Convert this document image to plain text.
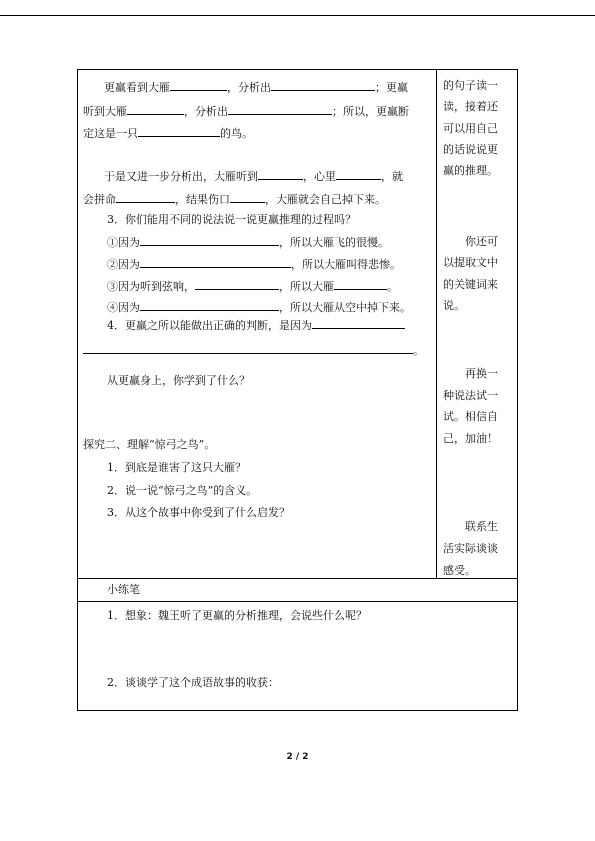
更羸看到大雁	，分析出	；更羸
听到大雁	，分析出	；所以，更羸断
定这是一只	的鸟。
于是又进一步分析出，大雁听到	，心里	，就
会拼命	，结果伤口	，大雁就会自己掉下来。
3．你们能用不同的说法说一说更羸推理的过程吗？
①因为	，所以大雁飞的很慢。
②因为	，所以大雁叫得悲惨。
③因为听到弦响，	，所以大雁	。
④因为	，所以大雁从空中掉下来。
4．更羸之所以能做出正确的判断，是因为
。
从更羸身上，你学到了什么？
探究二、理解“惊弓之鸟”。
1．到底是谁害了这只大雁？
2．说一说“惊弓之鸟”的含义。
3．从这个故事中你受到了什么启发？
的句子读一
读，接着还
可以用自己
的话说说更
羸的推理。
你还可
以提取文中
的关键词来
说。
再换一
种说法试一
试。相信自
己，加油！
联系生
活实际谈谈
感受。
小练笔
1．想象：魏王听了更羸的分析推理，会说些什么呢？
2．谈谈学了这个成语故事的收获：
2 / 2
